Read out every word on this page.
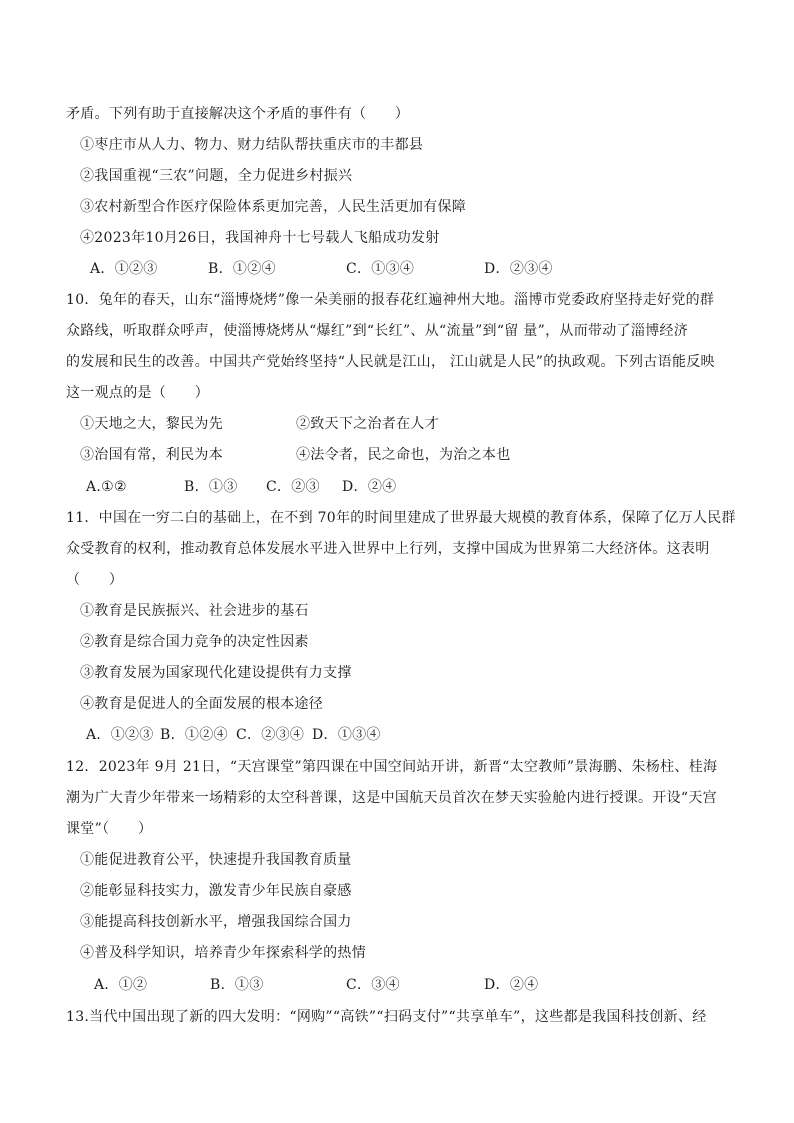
矛盾。下列有助于直接解决这个矛盾的事件有（　　）
①枣庄市从人力、物力、财力结队帮扶重庆市的丰都县
②我国重视“三农”问题，全力促进乡村振兴
③农村新型合作医疗保险体系更加完善，人民生活更加有保障
④2023年10月26日，我国神舟十七号载人飞船成功发射
A．①②③	B．①②④	C．①③④	D．②③④
10．兔年的春天，山东“淄博烧烤”像一朵美丽的报春花红遍神州大地。淄博市党委政府坚持走好党的群
众路线，听取群众呼声，使淄博烧烤从“爆红”到“长红”、从“流量”到“留 量”，从而带动了淄博经济
的发展和民生的改善。中国共产党始终坚持“人民就是江山， 江山就是人民”的执政观。下列古语能反映
这一观点的是（　　）
①天地之大，黎民为先	②致天下之治者在人才
③治国有常，利民为本	④法令者，民之命也，为治之本也
A.①②	B．①③ C．②③ D．②④
11．中国在一穷二白的基础上，在不到 70年的时间里建成了世界最大规模的教育体系，保障了亿万人民群
众受教育的权利，推动教育总体发展水平进入世界中上行列，支撑中国成为世界第二大经济体。这表明
（　　）
①教育是民族振兴、社会进步的基石
②教育是综合国力竞争的决定性因素
③教育发展为国家现代化建设提供有力支撑
④教育是促进人的全面发展的根本途径
A．①②③ B．①②④ C．②③④ D．①③④
12．2023年 9月 21日，“天宫课堂”第四课在中国空间站开讲，新晋“太空教师”景海鹏、朱杨柱、桂海
潮为广大青少年带来一场精彩的太空科普课，这是中国航天员首次在梦天实验舱内进行授课。开设“天宫
课堂”（　　）
①能促进教育公平，快速提升我国教育质量
②能彰显科技实力，激发青少年民族自豪感
③能提高科技创新水平，增强我国综合国力
④普及科学知识，培养青少年探索科学的热情
A．①②	B．①③	C．③④	D．②④
13.当代中国出现了新的四大发明：“网购”“高铁”“扫码支付”“共享单车”，这些都是我国科技创新、经
